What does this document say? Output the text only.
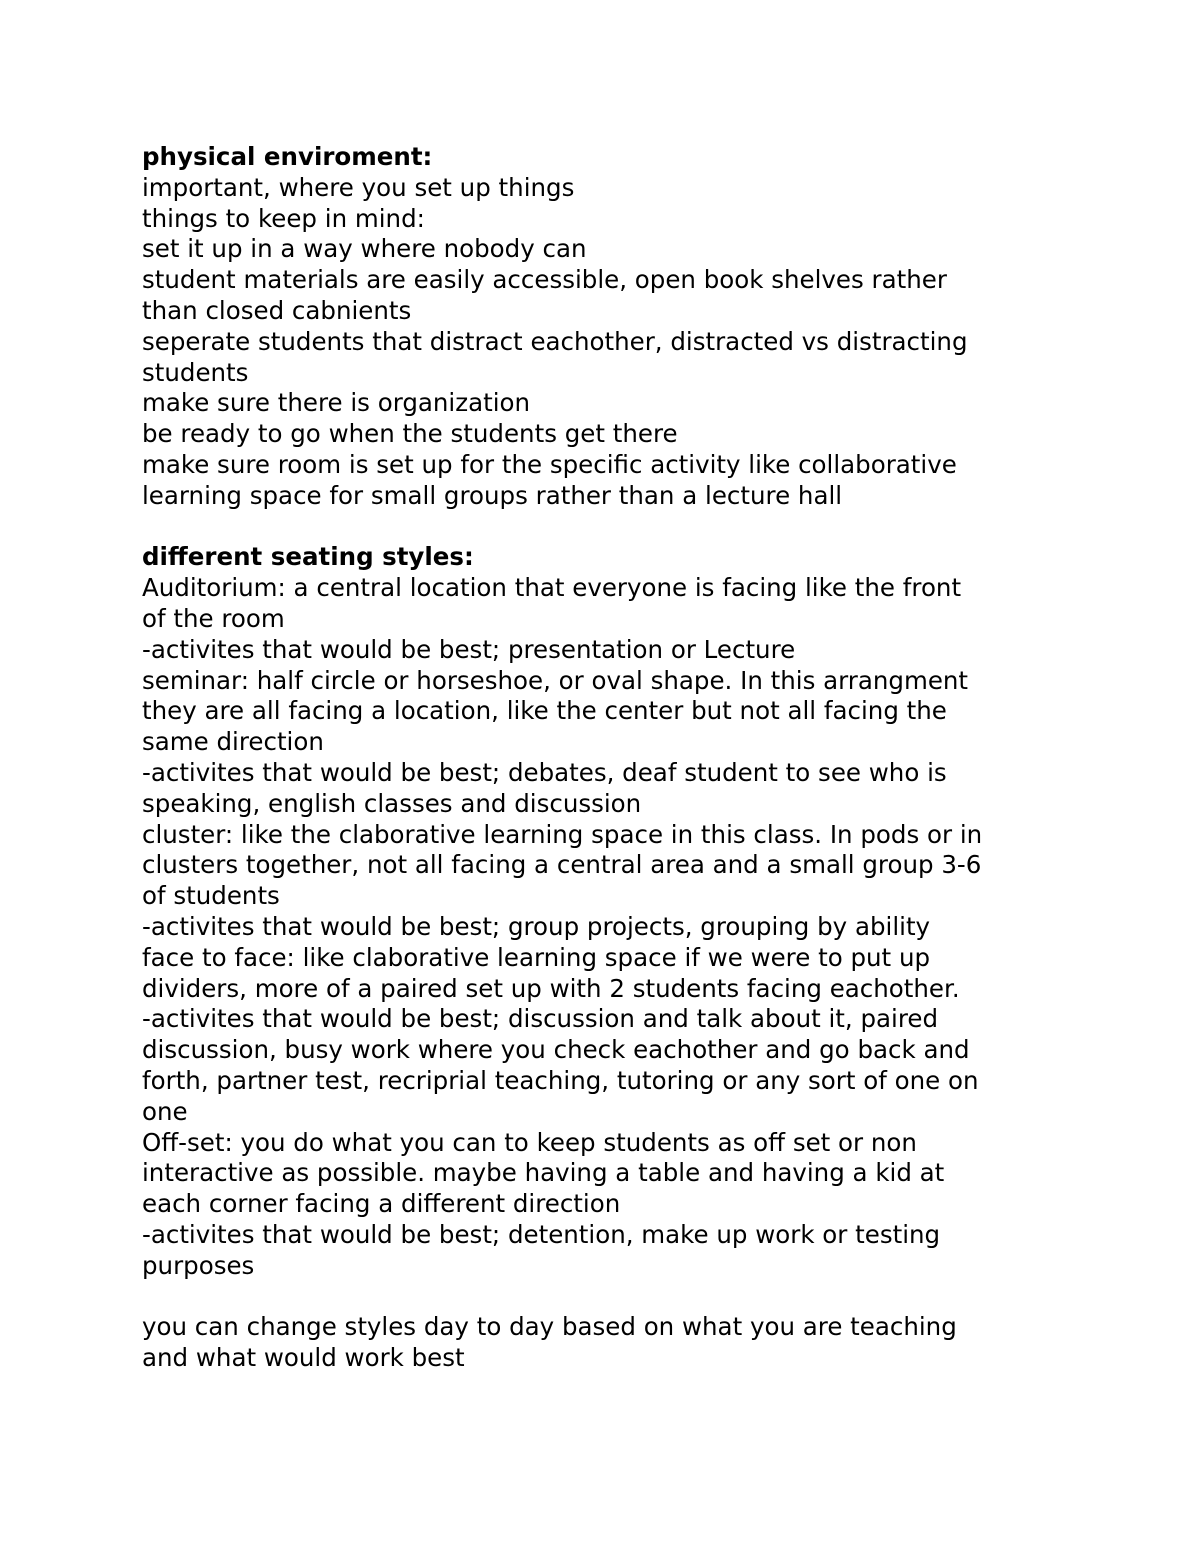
physical enviroment:
important, where you set up things
things to keep in mind:
set it up in a way where nobody can
student materials are easily accessible, open book shelves rather
than closed cabnients
seperate students that distract eachother, distracted vs distracting
students
make sure there is organization
be ready to go when the students get there
make sure room is set up for the specific activity like collaborative
learning space for small groups rather than a lecture hall
different seating styles:
Auditorium: a central location that everyone is facing like the front
of the room
-activites that would be best; presentation or Lecture
seminar: half circle or horseshoe, or oval shape. In this arrangment
they are all facing a location, like the center but not all facing the
same direction
-activites that would be best; debates, deaf student to see who is
speaking, english classes and discussion
cluster: like the claborative learning space in this class. In pods or in
clusters together, not all facing a central area and a small group 3-6
of students
-activites that would be best; group projects, grouping by ability
face to face: like claborative learning space if we were to put up
dividers, more of a paired set up with 2 students facing eachother.
-activites that would be best; discussion and talk about it, paired
discussion, busy work where you check eachother and go back and
forth, partner test, recriprial teaching, tutoring or any sort of one on
one
Off-set: you do what you can to keep students as off set or non
interactive as possible. maybe having a table and having a kid at
each corner facing a different direction
-activites that would be best; detention, make up work or testing
purposes
you can change styles day to day based on what you are teaching
and what would work best
